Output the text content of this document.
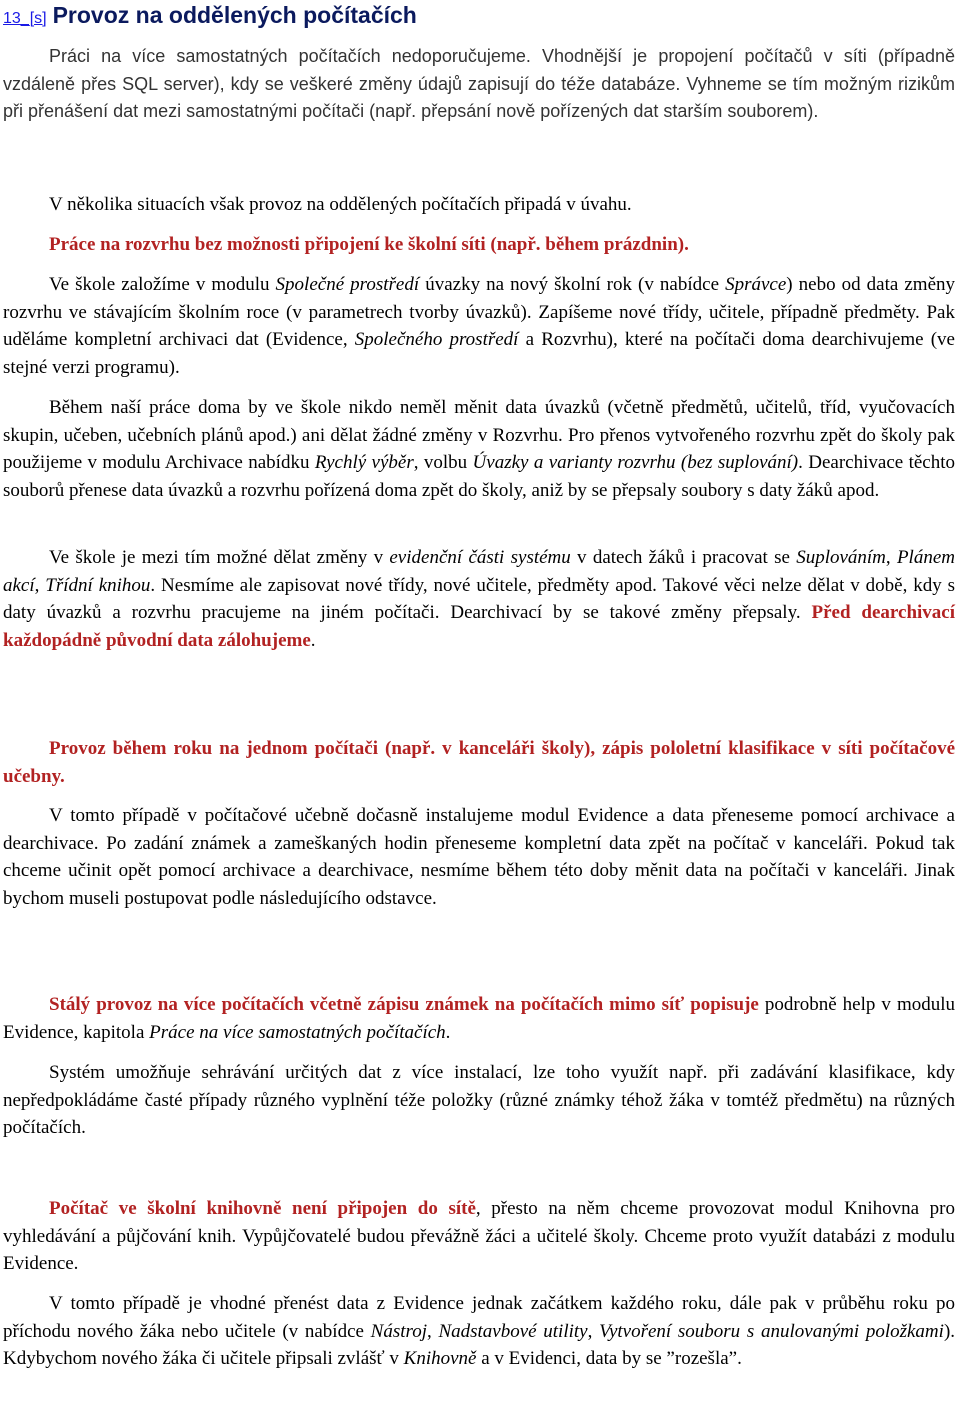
13_[s] Provoz na oddělených počítačích

Práci na více samostatných počítačích nedoporučujeme. Vhodnější je propojení počítačů v síti (případně vzdáleně přes SQL server), kdy se veškeré změny údajů zapisují do téže databáze. Vyhneme se tím možným rizikům při přenášení dat mezi samostatnými počítači (např. přepsání nově pořízených dat starším souborem).

V několika situacích však provoz na oddělených počítačích připadá v úvahu.

Práce na rozvrhu bez možnosti připojení ke školní síti (např. během prázdnin).

Ve škole založíme v modulu Společné prostředí úvazky na nový školní rok (v nabídce Správce) nebo od data změny rozvrhu ve stávajícím školním roce (v parametrech tvorby úvazků). Zapíšeme nové třídy, učitele, případně předměty. Pak uděláme kompletní archivaci dat (Evidence, Společného prostředí a Rozvrhu), které na počítači doma dearchivujeme (ve stejné verzi programu).

Během naší práce doma by ve škole nikdo neměl měnit data úvazků (včetně předmětů, učitelů, tříd, vyučovacích skupin, učeben, učebních plánů apod.) ani dělat žádné změny v Rozvrhu. Pro přenos vytvořeného rozvrhu zpět do školy pak použijeme v modulu Archivace nabídku Rychlý výběr, volbu Úvazky a varianty rozvrhu (bez suplování). Dearchivace těchto souborů přenese data úvazků a rozvrhu pořízená doma zpět do školy, aniž by se přepsaly soubory s daty žáků apod.

Ve škole je mezi tím možné dělat změny v evidenční části systému v datech žáků i pracovat se Suplováním, Plánem akcí, Třídní knihou. Nesmíme ale zapisovat nové třídy, nové učitele, předměty apod. Takové věci nelze dělat v době, kdy s daty úvazků a rozvrhu pracujeme na jiném počítači. Dearchivací by se takové změny přepsaly. Před dearchivací každopádně původní data zálohujeme.

Provoz během roku na jednom počítači (např. v kanceláři školy), zápis pololetní klasifikace v síti počítačové učebny.

V tomto případě v počítačové učebně dočasně instalujeme modul Evidence a data přeneseme pomocí archivace a dearchivace. Po zadání známek a zameškaných hodin přeneseme kompletní data zpět na počítač v kanceláři. Pokud tak chceme učinit opět pomocí archivace a dearchivace, nesmíme během této doby měnit data na počítači v kanceláři. Jinak bychom museli postupovat podle následujícího odstavce.

Stálý provoz na více počítačích včetně zápisu známek na počítačích mimo síť popisuje podrobně help v modulu Evidence, kapitola Práce na více samostatných počítačích.

Systém umožňuje sehrávání určitých dat z více instalací, lze toho využít např. při zadávání klasifikace, kdy nepředpokládáme časté případy různého vyplnění téže položky (různé známky téhož žáka v tomtéž předmětu) na různých počítačích.

Počítač ve školní knihovně není připojen do sítě, přesto na něm chceme provozovat modul Knihovna pro vyhledávání a půjčování knih. Vypůjčovatelé budou převážně žáci a učitelé školy. Chceme proto využít databázi z modulu Evidence.

V tomto případě je vhodné přenést data z Evidence jednak začátkem každého roku, dále pak v průběhu roku po příchodu nového žáka nebo učitele (v nabídce Nástroj, Nadstavbové utility, Vytvoření souboru s anulovanými položkami). Kdybychom nového žáka či učitele připsali zvlášť v Knihovně a v Evidenci, data by se ”rozešla”.
